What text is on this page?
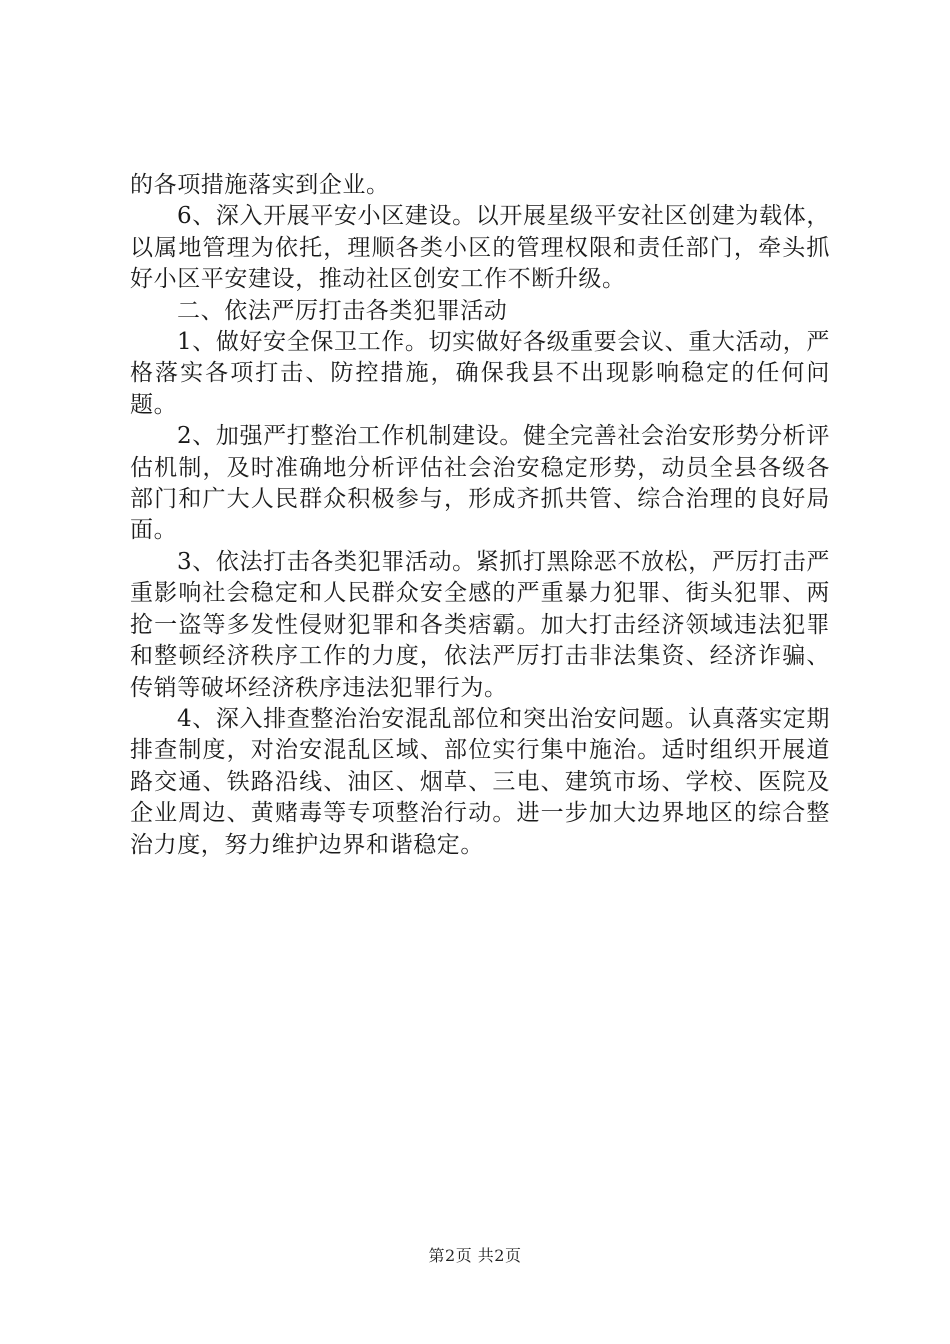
的各项措施落实到企业。

6、深入开展平安小区建设。以开展星级平安社区创建为载体，以属地管理为依托，理顺各类小区的管理权限和责任部门，牵头抓好小区平安建设，推动社区创安工作不断升级。

二、依法严厉打击各类犯罪活动

1、做好安全保卫工作。切实做好各级重要会议、重大活动，严格落实各项打击、防控措施，确保我县不出现影响稳定的任何问题。

2、加强严打整治工作机制建设。健全完善社会治安形势分析评估机制，及时准确地分析评估社会治安稳定形势，动员全县各级各部门和广大人民群众积极参与，形成齐抓共管、综合治理的良好局面。

3、依法打击各类犯罪活动。紧抓打黑除恶不放松，严厉打击严重影响社会稳定和人民群众安全感的严重暴力犯罪、街头犯罪、两抢一盗等多发性侵财犯罪和各类痞霸。加大打击经济领域违法犯罪和整顿经济秩序工作的力度，依法严厉打击非法集资、经济诈骗、传销等破坏经济秩序违法犯罪行为。

4、深入排查整治治安混乱部位和突出治安问题。认真落实定期排查制度，对治安混乱区域、部位实行集中施治。适时组织开展道路交通、铁路沿线、油区、烟草、三电、建筑市场、学校、医院及企业周边、黄赌毒等专项整治行动。进一步加大边界地区的综合整治力度，努力维护边界和谐稳定。

第2页 共2页
